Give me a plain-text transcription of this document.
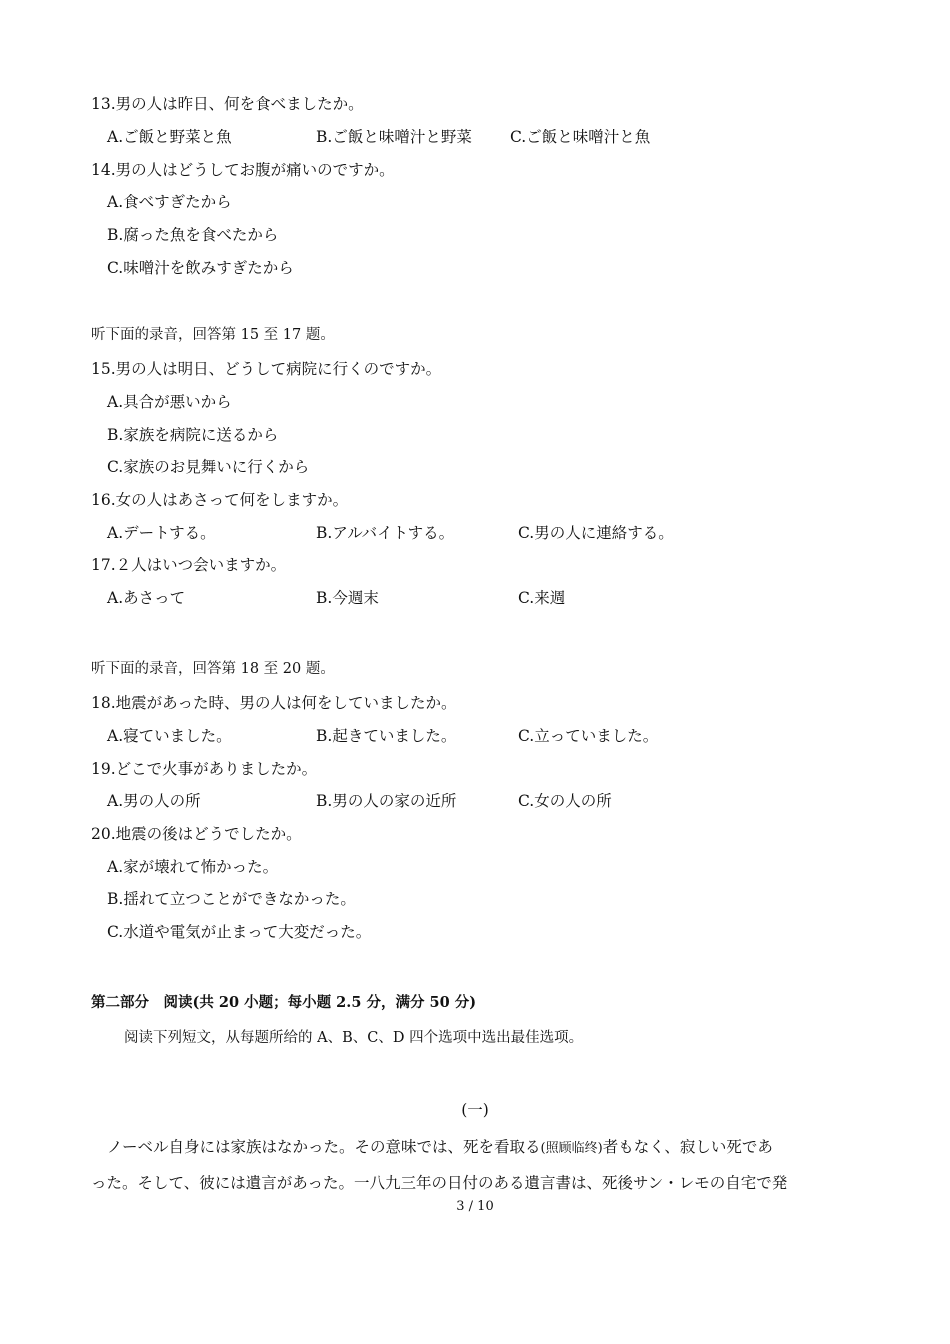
13.男の人は昨日、何を食べましたか。
A.ご飯と野菜と魚	B.ご飯と味噌汁と野菜 C.ご飯と味噌汁と魚
14.男の人はどうしてお腹が痛いのですか。
A.食べすぎたから
B.腐った魚を食べたから
C.味噌汁を飲みすぎたから
听下面的录音，回答第 15 至 17 题。
15.男の人は明日、どうして病院に行くのですか。
A.具合が悪いから
B.家族を病院に送るから
C.家族のお見舞いに行くから
16.女の人はあさって何をしますか。
A.デートする。	B.アルバイトする。	C.男の人に連絡する。
17.２人はいつ会いますか。
A.あさって	B.今週末	C.来週
听下面的录音，回答第 18 至 20 题。
18.地震があった時、男の人は何をしていましたか。
A.寝ていました。	B.起きていました。	C.立っていました。
19.どこで火事がありましたか。
A.男の人の所	B.男の人の家の近所	C.女の人の所
20.地震の後はどうでしたか。
A.家が壊れて怖かった。
B.揺れて立つことができなかった。
C.水道や電気が止まって大変だった。
第二部分　阅读(共 20 小题；每小题 2.5 分，满分 50 分)
阅读下列短文，从每题所给的 A、B、C、D 四个选项中选出最佳选项。
(一)
ノーベル自身には家族はなかった。その意味では、死を看取る(照顾临终)者もなく、寂しい死であ
った。そして、彼には遺言があった。一八九三年の日付のある遺言書は、死後サン・レモの自宅で発
3 / 10
